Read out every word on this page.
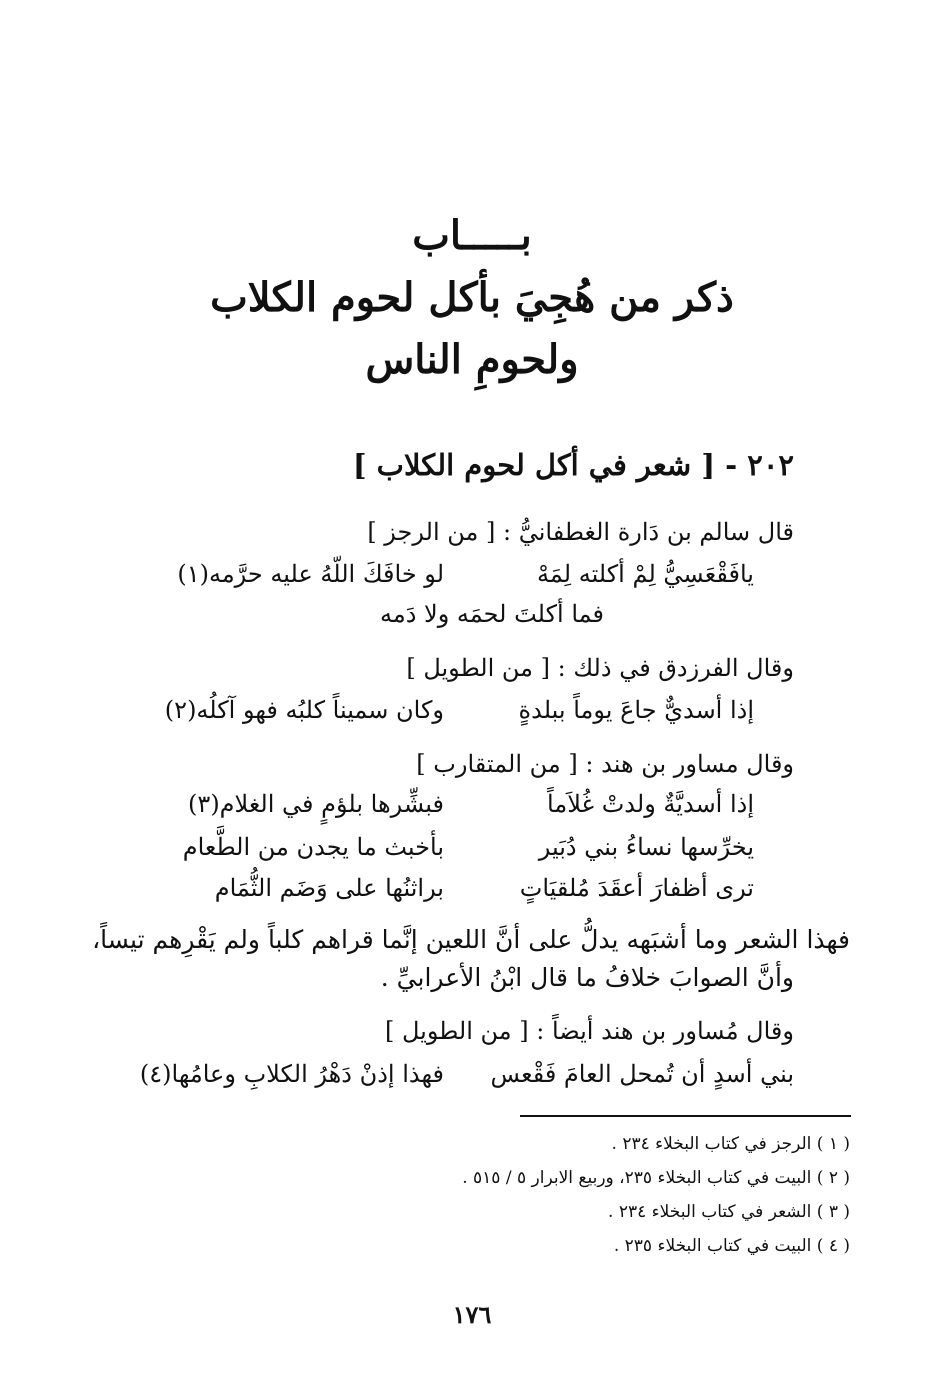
بـــــاب
ذكر من هُجِيَ بأكل لحوم الكلاب
ولحومِ الناس
٢٠٢ - [ شعر في أكل لحوم الكلاب ]
قال سالم بن دَارة الغطفانيُّ : [ من الرجز ]
يافَقْعَسِيُّ لِمْ أكلته لِمَهْ
لو خافَكَ اللّهُ عليه حرَّمه(١)
فما أكلتَ لحمَه ولا دَمه
وقال الفرزدق في ذلك : [ من الطويل ]
إذا أسديٌّ جاعَ يوماً ببلدةٍ
وكان سميناً كلبُه فهو آكلُه(٢)
وقال مساور بن هند : [ من المتقارب ]
إذا أسديَّةٌ ولدتْ غُلاَماً
فبشِّرها بلؤمٍ في الغلام(٣)
يخرِّسها نساءُ بني دُبَير
بأخبث ما يجدن من الطَّعام
ترى أظفارَ أعقَدَ مُلقيَاتٍ
براثنُها على وَضَم الثُّمَام
فهذا الشعر وما أشبَهه يدلُّ على أنَّ اللعين إنَّما قراهم كلباً ولم يَقْرِهم تيساً،
وأنَّ الصوابَ خلافُ ما قال ابْنُ الأعرابيِّ .
وقال مُساور بن هند أيضاً : [ من الطويل ]
بني أسدٍ أن تُمحل العامَ فَقْعس
فهذا إذنْ دَهْرُ الكلابِ وعامُها(٤)
( ١ ) الرجز في كتاب البخلاء ٢٣٤ .
( ٢ ) البيت في كتاب البخلاء ٢٣٥، وربيع الابرار ٥ / ٥١٥ .
( ٣ ) الشعر في كتاب البخلاء ٢٣٤ .
( ٤ ) البيت في كتاب البخلاء ٢٣٥ .
١٧٦
